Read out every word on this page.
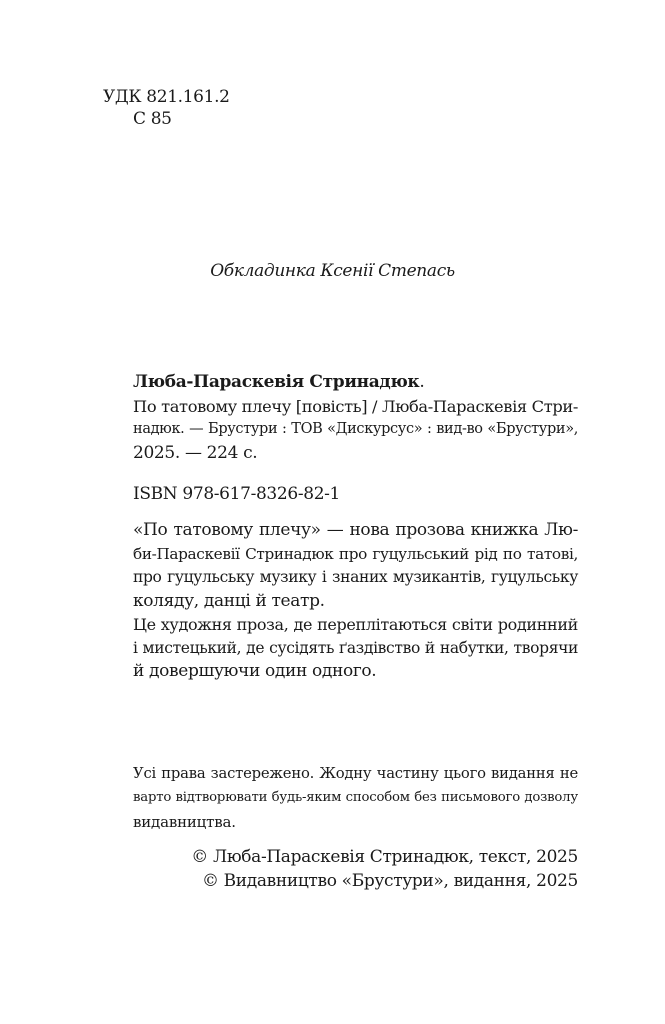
УДК 821.161.2
С 85
Обкладинка Ксенії Степась
Люба-Параскевія Стринадюк.
По татовому плечу [повість] / Люба-Параскевія Стри-
надюк. — Брустури : ТОВ «Дискурсус» : вид-во «Брустури»,
2025. — 224 с.
ISBN 978-617-8326-82-1
«По татовому плечу» — нова прозова книжка Лю-
би-Параскевії Стринадюк про гуцульський рід по татові,
про гуцульську музику і знаних музикантів, гуцульську
коляду, данці й театр.
Це художня проза, де переплітаються світи родинний
і мистецький, де сусідять ґаздівство й набутки, творячи
й довершуючи один одного.
Усі права застережено. Жодну частину цього видання не
варто відтворювати будь-яким способом без письмового дозволу
видавництва.
© Люба-Параскевія Стринадюк, текст, 2025
© Видавництво «Брустури», видання, 2025
